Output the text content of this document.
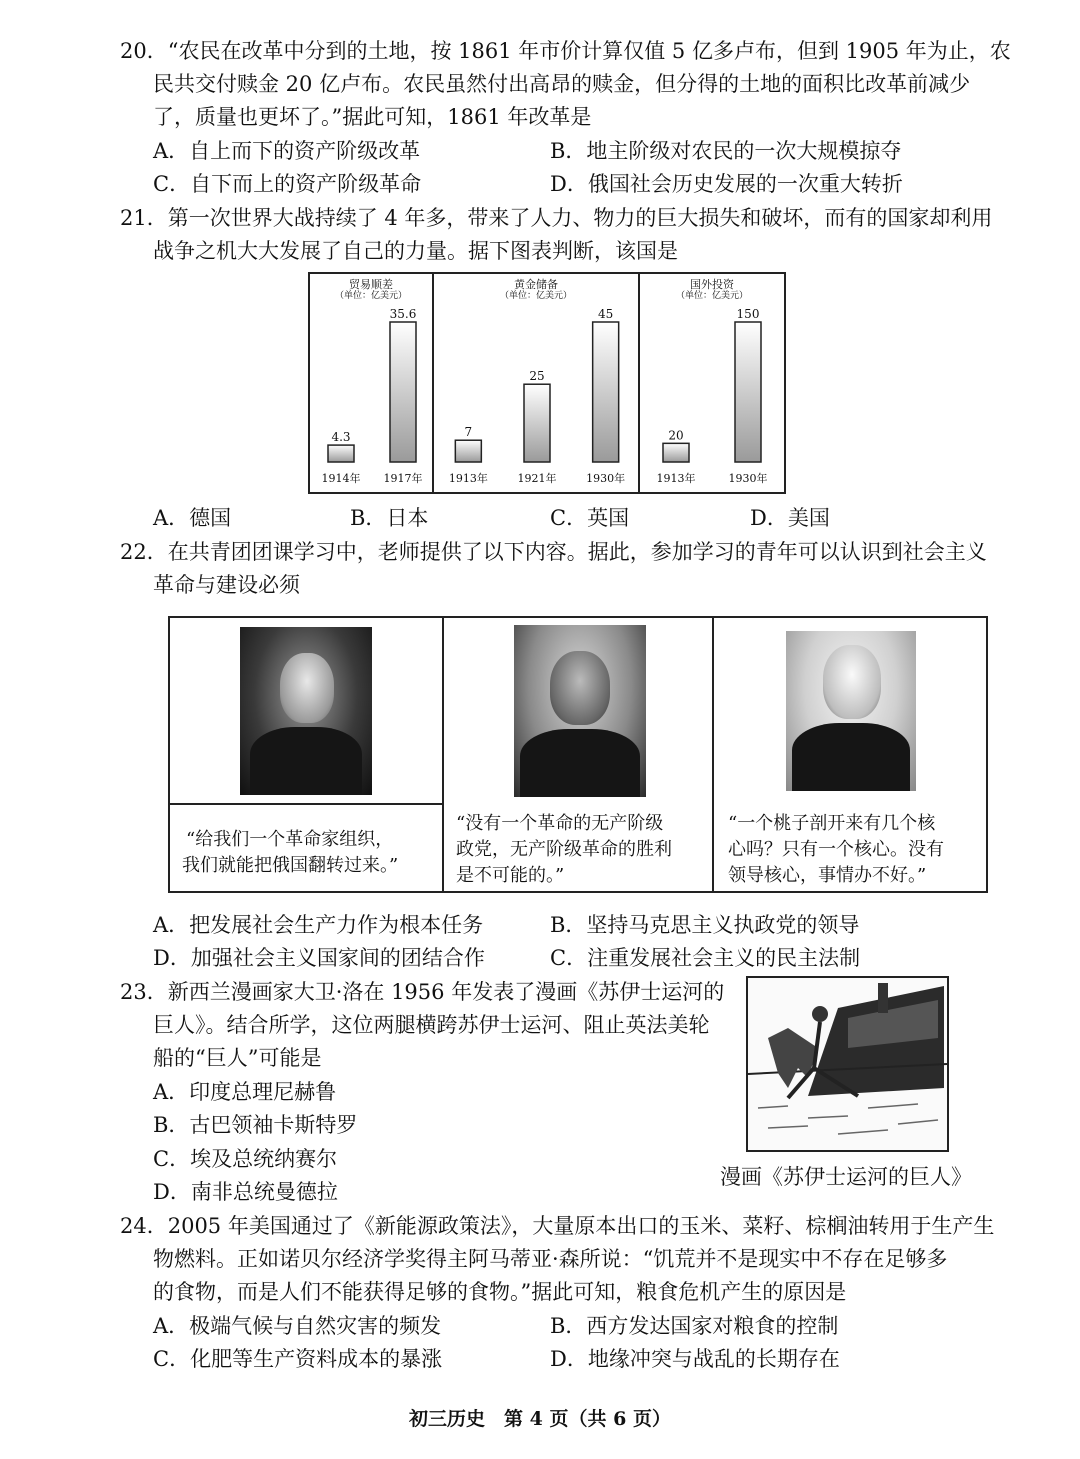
20．“农民在改革中分到的土地，按 1861 年市价计算仅值 5 亿多卢布，但到 1905 年为止，农
民共交付赎金 20 亿卢布。农民虽然付出高昂的赎金，但分得的土地的面积比改革前减少
了，质量也更坏了。”据此可知，1861 年改革是
A．自上而下的资产阶级改革	B．地主阶级对农民的一次大规模掠夺
C．自下而上的资产阶级革命	D．俄国社会历史发展的一次重大转折
21．第一次世界大战持续了 4 年多，带来了人力、物力的巨大损失和破坏，而有的国家却利用
战争之机大大发展了自己的力量。据下图表判断，该国是
贸易顺差
（单位：亿美元）
4.3
1914年
35.6
1917年
黄金储备
（单位：亿美元）
7
1913年
25
1921年
45
1930年
国外投资
（单位：亿美元）
20
1913年
150
1930年
A．德国	B．日本	C．英国	D．美国
22．在共青团团课学习中，老师提供了以下内容。据此，参加学习的青年可以认识到社会主义
革命与建设必须
“给我们一个革命家组织，
我们就能把俄国翻转过来。”
“没有一个革命的无产阶级
政党，无产阶级革命的胜利
是不可能的。”
“一个桃子剖开来有几个核
心吗？只有一个核心。没有
领导核心，事情办不好。”
A．把发展社会生产力作为根本任务	B．坚持马克思主义执政党的领导
D．加强社会主义国家间的团结合作	C．注重发展社会主义的民主法制
23．新西兰漫画家大卫·洛在 1956 年发表了漫画《苏伊士运河的
巨人》。结合所学，这位两腿横跨苏伊士运河、阻止英法美轮
船的“巨人”可能是
A．印度总理尼赫鲁
B．古巴领袖卡斯特罗
C．埃及总统纳赛尔
D．南非总统曼德拉
漫画《苏伊士运河的巨人》
24．2005 年美国通过了《新能源政策法》，大量原本出口的玉米、菜籽、棕榈油转用于生产生
物燃料。正如诺贝尔经济学奖得主阿马蒂亚·森所说：“饥荒并不是现实中不存在足够多
的食物，而是人们不能获得足够的食物。”据此可知，粮食危机产生的原因是
A．极端气候与自然灾害的频发	B．西方发达国家对粮食的控制
C．化肥等生产资料成本的暴涨	D．地缘冲突与战乱的长期存在
初三历史　第 4 页（共 6 页）
